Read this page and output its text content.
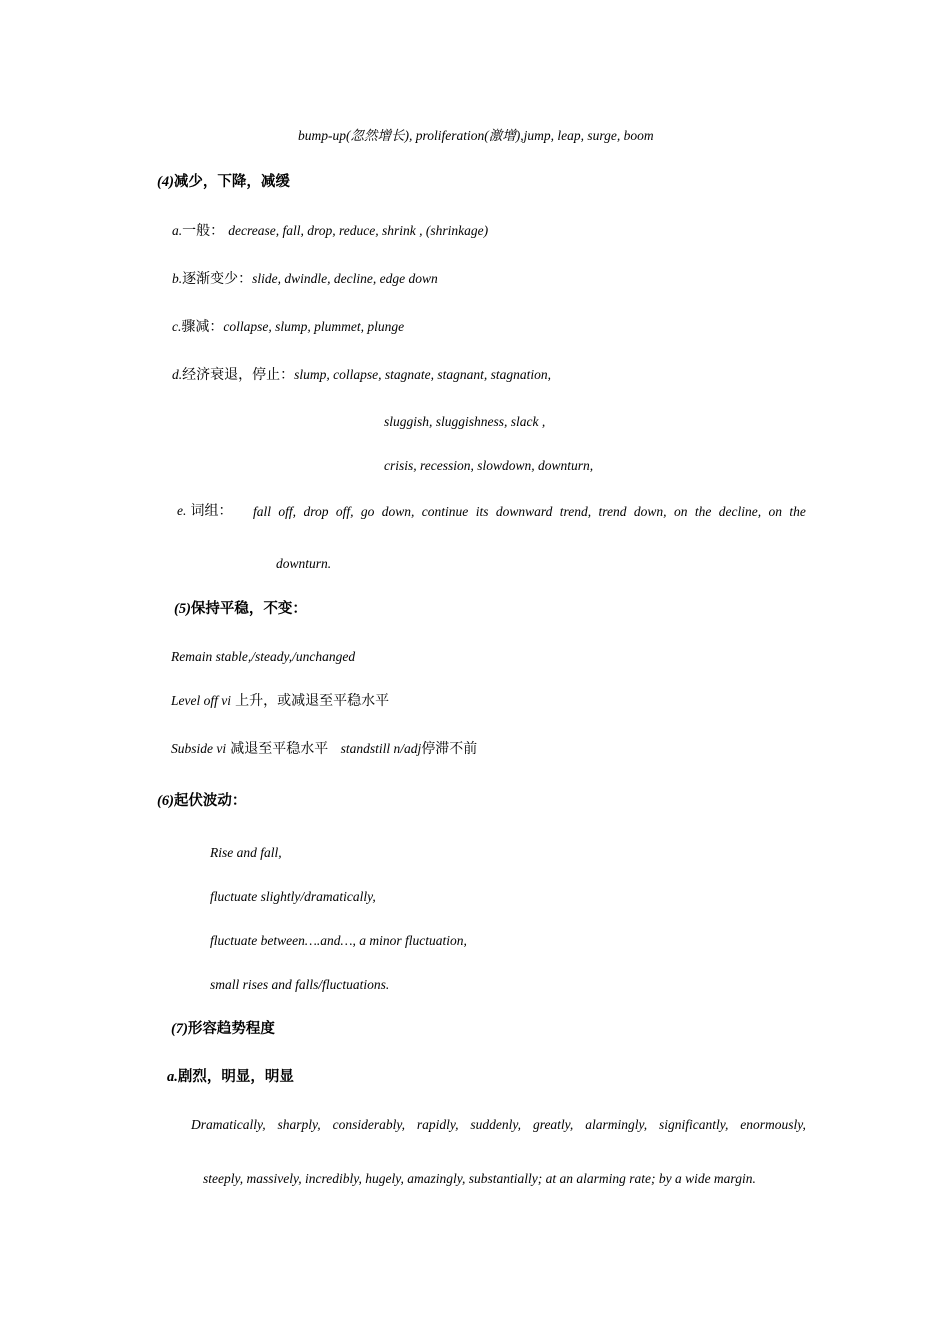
bump-up(忽然增长), proliferation(激增),jump, leap, surge, boom
(4)减少，下降，减缓
a.一般： decrease, fall, drop, reduce, shrink , (shrinkage)
b.逐渐变少：slide, dwindle, decline, edge down
c.骤减：collapse, slump, plummet, plunge
d.经济衰退，停止：slump, collapse, stagnate, stagnant, stagnation,
sluggish, sluggishness, slack ,
crisis, recession, slowdown, downturn,
e. 词组： fall off, drop off, go down, continue its downward trend, trend down, on the decline, on the
downturn.
(5)保持平稳，不变：
Remain stable,/steady,/unchanged
Level off vi 上升，或减退至平稳水平
Subside vi 减退至平稳水平 standstill n/adj停滞不前
(6)起伏波动：
Rise and fall,
fluctuate slightly/dramatically,
fluctuate between….and…, a minor fluctuation,
small rises and falls/fluctuations.
(7)形容趋势程度
a.剧烈，明显，明显
Dramatically, sharply, considerably, rapidly, suddenly, greatly, alarmingly, significantly, enormously,
steeply, massively, incredibly, hugely, amazingly, substantially; at an alarming rate; by a wide margin.
